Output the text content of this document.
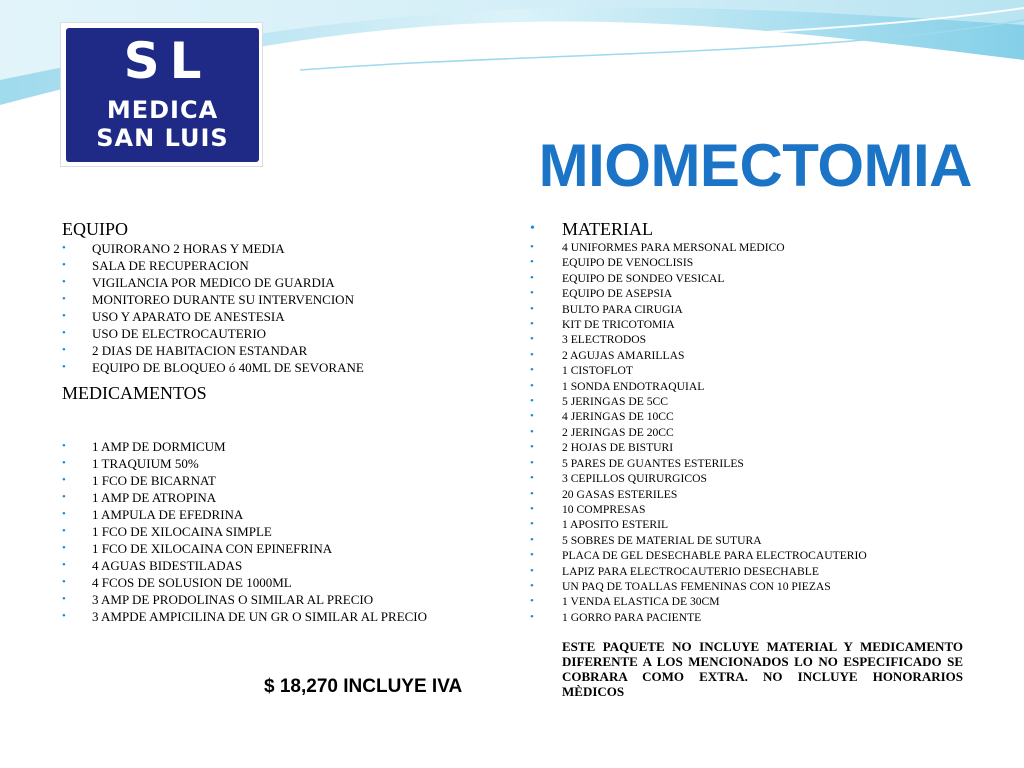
SL
MEDICA
SAN LUIS	MIOMECTOMIA
EQUIPO
• QUIRORANO 2 HORAS Y MEDIA
• SALA DE RECUPERACION
• VIGILANCIA POR MEDICO DE GUARDIA
• MONITOREO DURANTE SU INTERVENCION
• USO Y APARATO DE ANESTESIA
• USO DE ELECTROCAUTERIO
• 2 DIAS DE HABITACION ESTANDAR
• EQUIPO DE BLOQUEO ó 40ML DE SEVORANE
MEDICAMENTOS
• 1 AMP DE DORMICUM
• 1 TRAQUIUM 50%
• 1 FCO DE BICARNAT
• 1 AMP DE ATROPINA
• 1 AMPULA DE EFEDRINA
• 1 FCO DE XILOCAINA SIMPLE
• 1 FCO DE XILOCAINA CON EPINEFRINA
• 4 AGUAS BIDESTILADAS
• 4 FCOS DE SOLUSION DE 1000ML
• 3 AMP DE PRODOLINAS O SIMILAR AL PRECIO
• 3 AMPDE AMPICILINA DE UN GR O SIMILAR AL PRECIO
$ 18,270 INCLUYE IVA
• MATERIAL
• 4 UNIFORMES PARA MERSONAL MEDICO
• EQUIPO DE VENOCLISIS
• EQUIPO DE SONDEO VESICAL
• EQUIPO DE ASEPSIA
• BULTO PARA CIRUGIA
• KIT DE TRICOTOMIA
• 3 ELECTRODOS
• 2 AGUJAS AMARILLAS
• 1 CISTOFLOT
• 1 SONDA ENDOTRAQUIAL
• 5 JERINGAS DE 5CC
• 4 JERINGAS DE 10CC
• 2 JERINGAS DE 20CC
• 2 HOJAS DE BISTURI
• 5 PARES DE GUANTES ESTERILES
• 3 CEPILLOS QUIRURGICOS
• 20 GASAS ESTERILES
• 10 COMPRESAS
• 1 APOSITO ESTERIL
• 5 SOBRES DE MATERIAL DE SUTURA
• PLACA DE GEL DESECHABLE PARA ELECTROCAUTERIO
• LAPIZ PARA ELECTROCAUTERIO DESECHABLE
• UN PAQ DE TOALLAS FEMENINAS CON 10 PIEZAS
• 1 VENDA ELASTICA DE 30CM
• 1 GORRO PARA PACIENTE
ESTE PAQUETE NO INCLUYE MATERIAL Y MEDICAMENTO DIFERENTE A LOS MENCIONADOS LO NO ESPECIFICADO SE COBRARA COMO EXTRA. NO INCLUYE HONORARIOS MÈDICOS
